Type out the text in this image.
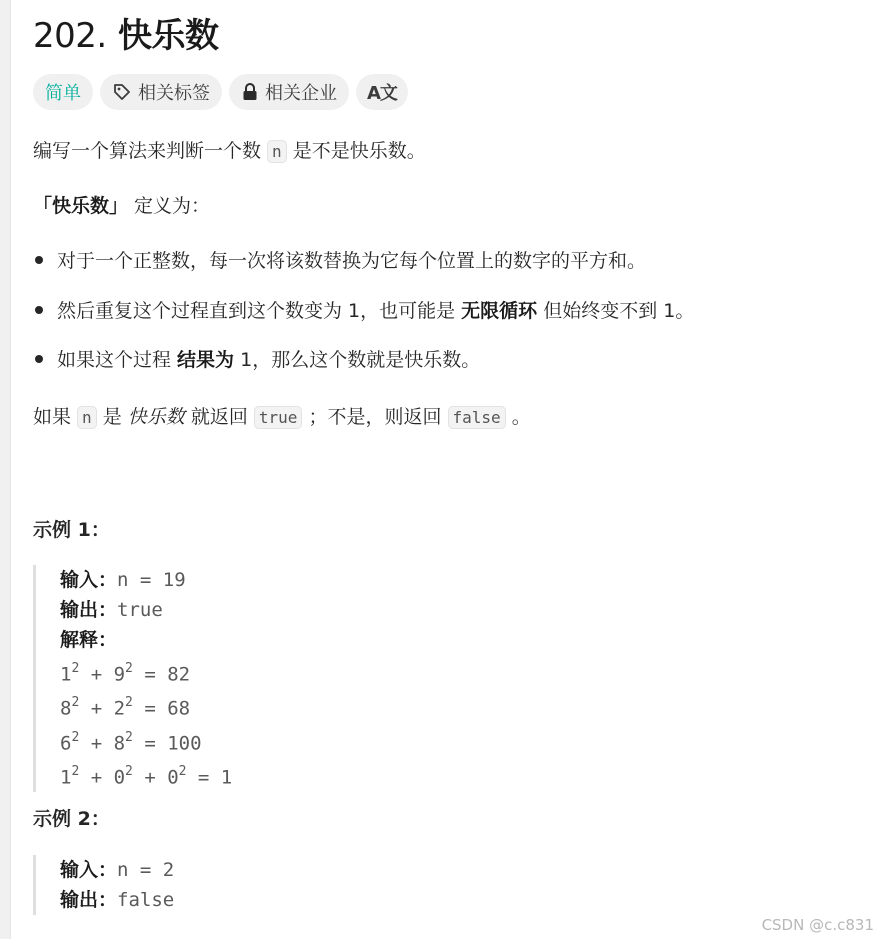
202. 快乐数
简单	相关标签	相关企业 A文

编写一个算法来判断一个数 n 是不是快乐数。

「快乐数」 定义为：

对于一个正整数，每一次将该数替换为它每个位置上的数字的平方和。

然后重复这个过程直到这个数变为 1，也可能是 无限循环 但始终变不到 1。

如果这个过程 结果为 1，那么这个数就是快乐数。

如果 n 是 快乐数 就返回 true ；不是，则返回 false 。

示例 1：

输入：n = 19
输出：true
解释：
$1^2 + 9^2 = 82$
$8^2 + 2^2 = 68$
$6^2 + 8^2 = 100$
$1^2 + 0^2 + 0^2 = 1$

示例 2：

输入：n = 2
输出：false
CSDN @c.c831
